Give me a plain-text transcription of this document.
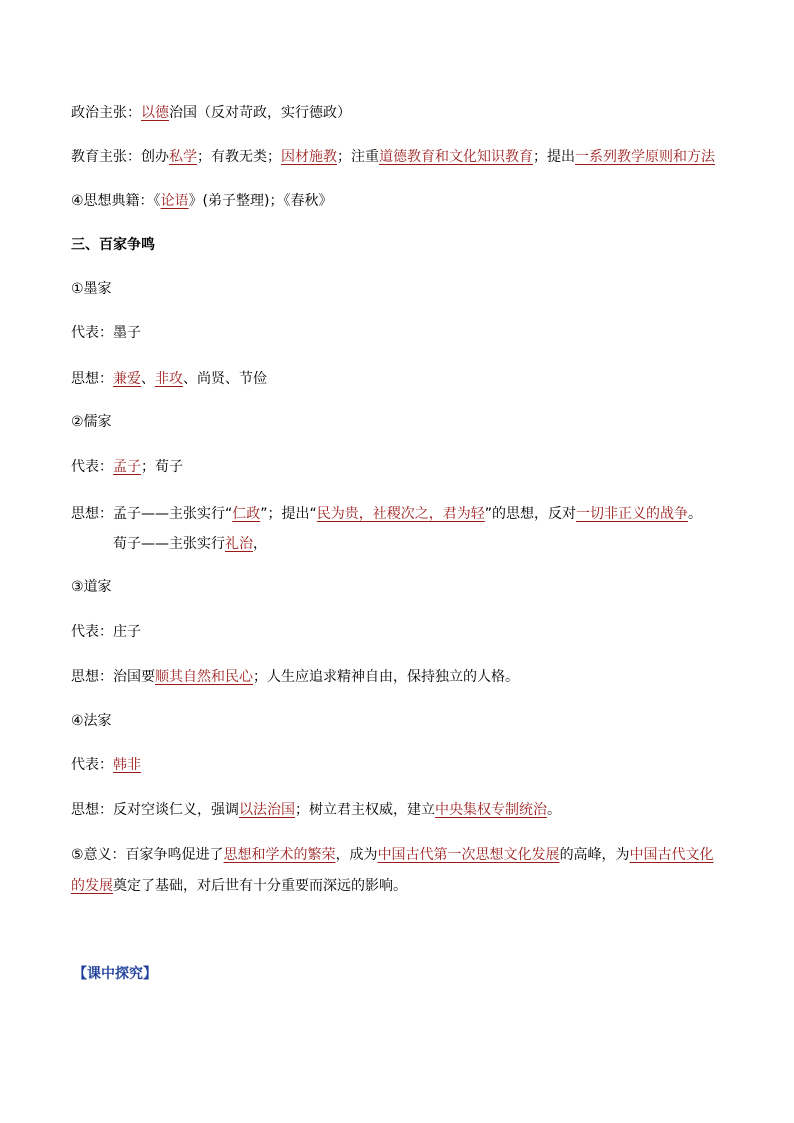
政治主张：以德治国（反对苛政，实行德政）
教育主张：创办私学；有教无类；因材施教；注重道德教育和文化知识教育；提出一系列教学原则和方法
④思想典籍：《论语》(弟子整理)；《春秋》
三、百家争鸣
①墨家
代表：墨子
思想：兼爱、非攻、尚贤、节俭
②儒家
代表：孟子；荀子
思想：孟子——主张实行“仁政”；提出“民为贵，社稷次之，君为轻”的思想，反对一切非正义的战争。
荀子——主张实行礼治，
③道家
代表：庄子
思想：治国要顺其自然和民心；人生应追求精神自由，保持独立的人格。
④法家
代表：韩非
思想：反对空谈仁义，强调以法治国；树立君主权威，建立中央集权专制统治。
⑤意义：百家争鸣促进了思想和学术的繁荣，成为中国古代第一次思想文化发展的高峰，为中国古代文化
的发展奠定了基础，对后世有十分重要而深远的影响。
【课中探究】
